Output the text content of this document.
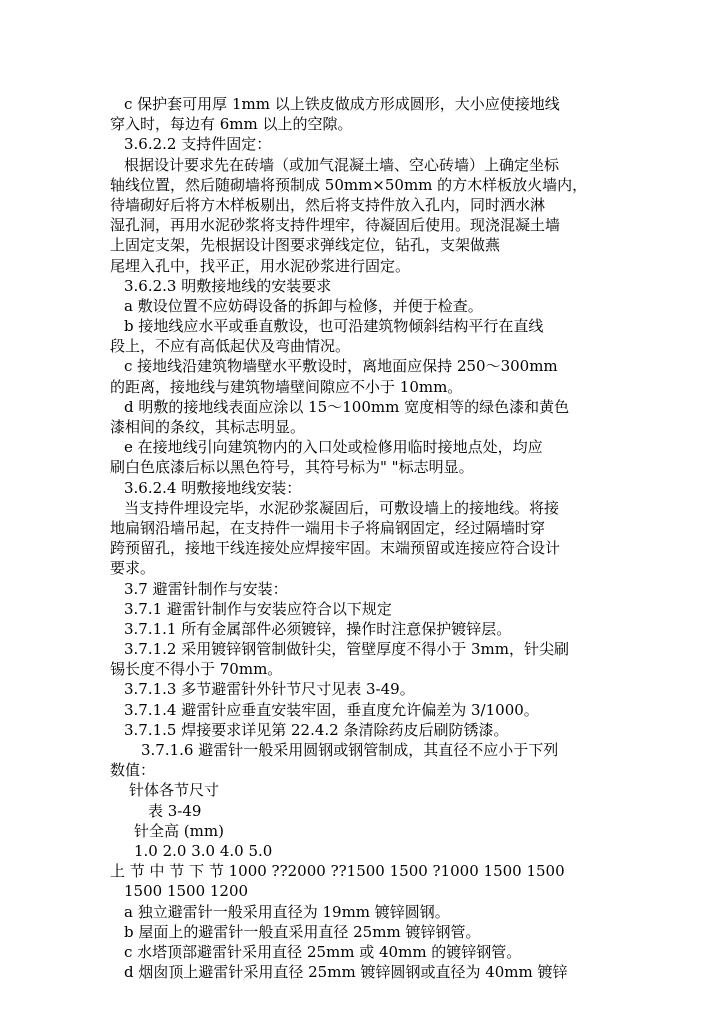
c 保护套可用厚 1mm 以上铁皮做成方形成圆形，大小应使接地线
穿入时，每边有 6mm 以上的空隙。
3.6.2.2 支持件固定：
根据设计要求先在砖墙（或加气混凝土墙、空心砖墙）上确定坐标
轴线位置，然后随砌墙将预制成 50mm×50mm 的方木样板放火墙内，
待墙砌好后将方木样板剔出，然后将支持件放入孔内，同时洒水淋
湿孔洞，再用水泥砂浆将支持件埋牢，待凝固后使用。现浇混凝土墙
上固定支架，先根据设计图要求弹线定位，钻孔，支架做燕
尾埋入孔中，找平正，用水泥砂浆进行固定。
3.6.2.3 明敷接地线的安装要求
a 敷设位置不应妨碍设备的拆卸与检修，并便于检查。
b 接地线应水平或垂直敷设，也可沿建筑物倾斜结构平行在直线
段上，不应有高低起伏及弯曲情况。
c 接地线沿建筑物墙壁水平敷设时，离地面应保持 250～300mm
的距离，接地线与建筑物墙壁间隙应不小于 10mm。
d 明敷的接地线表面应涂以 15～100mm 宽度相等的绿色漆和黄色
漆相间的条纹，其标志明显。
e 在接地线引向建筑物内的入口处或检修用临时接地点处，均应
刷白色底漆后标以黑色符号，其符号标为" "标志明显。
3.6.2.4 明敷接地线安装：
当支持件埋设完毕，水泥砂浆凝固后，可敷设墙上的接地线。将接
地扁钢沿墙吊起，在支持件一端用卡子将扁钢固定，经过隔墙时穿
跨预留孔，接地干线连接处应焊接牢固。末端预留或连接应符合设计
要求。
3.7 避雷针制作与安装：
3.7.1 避雷针制作与安装应符合以下规定
3.7.1.1 所有金属部件必须镀锌，操作时注意保护镀锌层。
3.7.1.2 采用镀锌钢管制做针尖，管壁厚度不得小于 3mm，针尖刷
锡长度不得小于 70mm。
3.7.1.3 多节避雷针外针节尺寸见表 3-49。
3.7.1.4 避雷针应垂直安装牢固，垂直度允许偏差为 3/1000。
3.7.1.5 焊接要求详见第 22.4.2 条清除药皮后刷防锈漆。
3.7.1.6 避雷针一般采用圆钢或钢管制成，其直径不应小于下列
数值：
针体各节尺寸
表 3-49
针全高 (mm)
1.0 2.0 3.0 4.0 5.0
上 节 中 节 下 节 1000 ??2000 ??1500 1500 ?1000 1500 1500
1500 1500 1200
a 独立避雷针一般采用直径为 19mm 镀锌圆钢。
b 屋面上的避雷针一般直采用直径 25mm 镀锌钢管。
c 水塔顶部避雷针采用直径 25mm 或 40mm 的镀锌钢管。
d 烟囱顶上避雷针采用直径 25mm 镀锌圆钢或直径为 40mm 镀锌
